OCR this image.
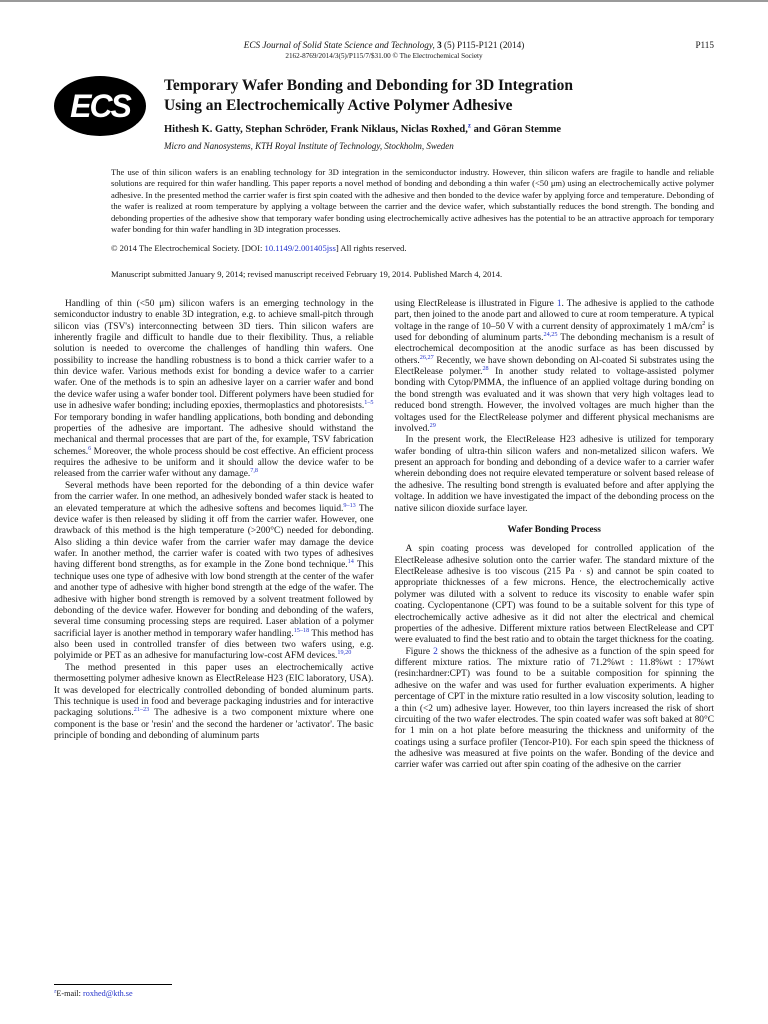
ECS Journal of Solid State Science and Technology, 3 (5) P115-P121 (2014)	P115
2162-8769/2014/3(5)/P115/7/$31.00 © The Electrochemical Society
ECS
®
Temporary Wafer Bonding and Debonding for 3D Integration
Using an Electrochemically Active Polymer Adhesive
Hithesh K. Gatty, Stephan Schröder, Frank Niklaus, Niclas Roxhed,$^z$ and Göran Stemme
Micro and Nanosystems, KTH Royal Institute of Technology, Stockholm, Sweden

The use of thin silicon wafers is an enabling technology for 3D integration in the semiconductor industry. However, thin silicon wafers are fragile to handle and reliable solutions are required for thin wafer handling. This paper reports a novel method of bonding and debonding a thin wafer (<50 μm) using an electrochemically active polymer adhesive. In the presented method the carrier wafer is first spin coated with the adhesive and then bonded to the device wafer by applying force and temperature. Debonding of the wafer is realized at room temperature by applying a voltage between the carrier and the device wafer, which substantially reduces the bond strength. The bonding and debonding properties of the adhesive show that temporary wafer bonding using electrochemically active adhesives has the potential to be an attractive approach for temporary wafer bonding for thin wafer handling in 3D integration processes.

© 2014 The Electrochemical Society. [DOI: 10.1149/2.001405jss] All rights reserved.

Manuscript submitted January 9, 2014; revised manuscript received February 19, 2014. Published March 4, 2014.

Handling of thin (<50 μm) silicon wafers is an emerging technology in the semiconductor industry to enable 3D integration, e.g. to achieve small-pitch through silicon vias (TSV's) interconnecting between 3D tiers. Thin silicon wafers are inherently fragile and difficult to handle due to their flexibility. Thus, a reliable solution is needed to overcome the challenges of handling thin wafers. One possibility to increase the handling robustness is to bond a thick carrier wafer to a thin device wafer. Various methods exist for bonding a device wafer to a carrier wafer. One of the methods is to spin an adhesive layer on a carrier wafer and bond the device wafer using a wafer bonder tool. Different polymers have been studied for use in adhesive wafer bonding; including epoxies, thermoplastics and photoresists.$^{1-5}$ For temporary bonding in wafer handling applications, both bonding and debonding properties of the adhesive are important. The adhesive should withstand the mechanical and thermal processes that are part of the, for example, TSV fabrication schemes.$^6$ Moreover, the whole process should be cost effective. An efficient process requires the adhesive to be uniform and it should allow the device wafer to be released from the carrier wafer without any damage.$^{7,8}$

Several methods have been reported for the debonding of a thin device wafer from the carrier wafer. In one method, an adhesively bonded wafer stack is heated to an elevated temperature at which the adhesive softens and becomes liquid.$^{9-13}$ The device wafer is then released by sliding it off from the carrier wafer. However, one drawback of this method is the high temperature (>200°C) needed for debonding. Also sliding a thin device wafer from the carrier wafer may damage the device wafer. In another method, the carrier wafer is coated with two types of adhesives having different bond strengths, as for example in the Zone bond technique.$^{14}$ This technique uses one type of adhesive with low bond strength at the center of the wafer and another type of adhesive with higher bond strength at the edge of the wafer. The adhesive with higher bond strength is removed by a solvent treatment followed by debonding of the device wafer. However for bonding and debonding of the wafers, several time consuming processing steps are required. Laser ablation of a polymer sacrificial layer is another method in temporary wafer handling.$^{15-18}$ This method has also been used in controlled transfer of dies between two wafers using, e.g. polyimide or PET as an adhesive for manufacturing low-cost AFM devices.$^{19,20}$

The method presented in this paper uses an electrochemically active thermosetting polymer adhesive known as ElectRelease H23 (EIC laboratory, USA). It was developed for electrically controlled debonding of bonded aluminum parts. This technique is used in food and beverage packaging industries and for interactive packaging solutions.$^{21-23}$ The adhesive is a two component mixture where one component is the base or 'resin' and the second the hardener or 'activator'. The basic principle of bonding and debonding of aluminum parts

$^z$E-mail: roxhed@kth.se

using ElectRelease is illustrated in Figure 1. The adhesive is applied to the cathode part, then joined to the anode part and allowed to cure at room temperature. A typical voltage in the range of 10–50 V with a current density of approximately 1 $mA/cm^2$ is used for debonding of aluminum parts.$^{24,25}$ The debonding mechanism is a result of electrochemical decomposition at the anodic surface as has been discussed by others.$^{26,27}$ Recently, we have shown debonding on Al-coated Si substrates using the ElectRelease polymer.$^{28}$ In another study related to voltage-assisted polymer bonding with Cytop/PMMA, the influence of an applied voltage during bonding on the bond strength was evaluated and it was shown that very high voltages lead to reduced bond strength. However, the involved voltages are much higher than the voltages used for the ElectRelease polymer and different physical mechanisms are involved.$^{29}$

In the present work, the ElectRelease H23 adhesive is utilized for temporary wafer bonding of ultra-thin silicon wafers and non-metalized silicon wafers. We present an approach for bonding and debonding of a device wafer to a carrier wafer wherein debonding does not require elevated temperature or solvent based release of the adhesive. The resulting bond strength is evaluated before and after applying the voltage. In addition we have investigated the impact of the debonding process on the native silicon dioxide surface layer.

Wafer Bonding Process

A spin coating process was developed for controlled application of the ElectRelease adhesive solution onto the carrier wafer. The standard mixture of the ElectRelease adhesive is too viscous (215 Pa · s) and cannot be spin coated to appropriate thicknesses of a few microns. Hence, the electrochemically active polymer was diluted with a solvent to reduce its viscosity to enable wafer spin coating. Cyclopentanone (CPT) was found to be a suitable solvent for this type of electrochemically active adhesive as it did not alter the electrical and chemical properties of the adhesive. Different mixture ratios between ElectRelease and CPT were evaluated to find the best ratio and to obtain the target thickness for the coating.

Figure 2 shows the thickness of the adhesive as a function of the spin speed for different mixture ratios. The mixture ratio of 71.2%wt : 11.8%wt : 17%wt (resin:hardner:CPT) was found to be a suitable composition for spinning the adhesive on the wafer and was used for further evaluation experiments. A higher percentage of CPT in the mixture ratio resulted in a low viscosity solution, leading to a thin (<2 um) adhesive layer. However, too thin layers increased the risk of short circuiting of the two wafer electrodes. The spin coated wafer was soft baked at 80°C for 1 min on a hot plate before measuring the thickness and uniformity of the coatings using a surface profiler (Tencor-P10). For each spin speed the thickness of the adhesive was measured at five points on the wafer. Bonding of the device and carrier wafer was carried out after spin coating of the adhesive on the carrier
